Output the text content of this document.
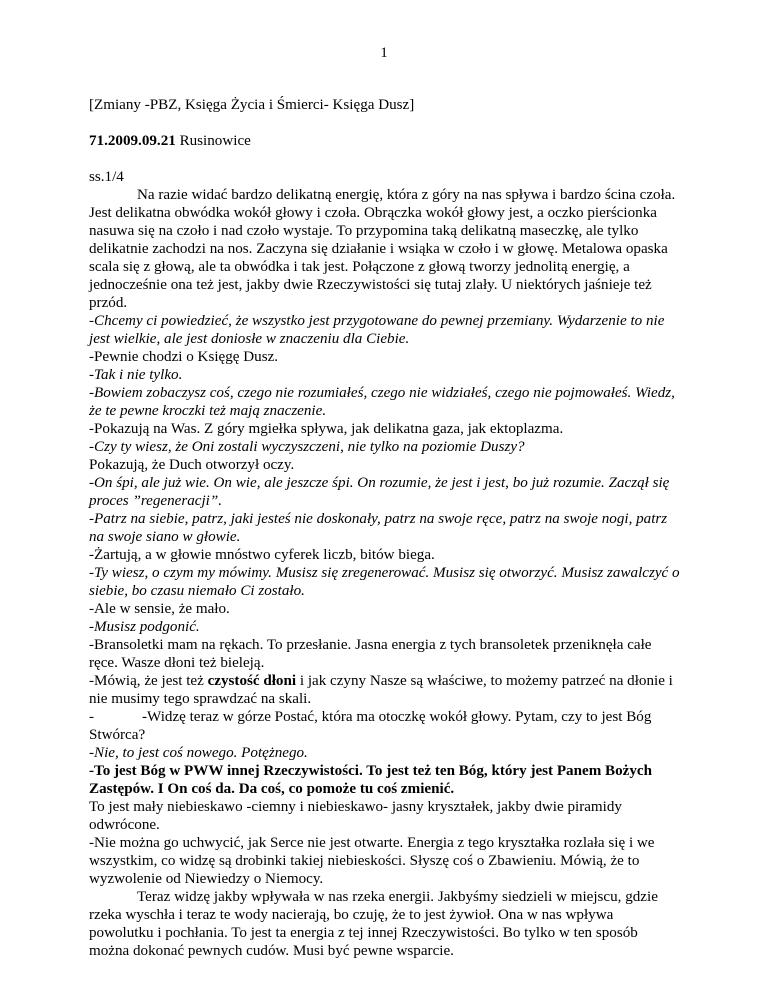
1

[Zmiany -PBZ, Księga Życia i Śmierci- Księga Dusz]

71.2009.09.21 Rusinowice

ss.1/4

Na razie widać bardzo delikatną energię, która z góry na nas spływa i bardzo ścina czoła. Jest delikatna obwódka wokół głowy i czoła. Obrączka wokół głowy jest, a oczko pierścionka nasuwa się na czoło i nad czoło wystaje. To przypomina taką delikatną maseczkę, ale tylko delikatnie zachodzi na nos. Zaczyna się działanie i wsiąka w czoło i w głowę. Metalowa opaska scala się z głową, ale ta obwódka i tak jest. Połączone z głową tworzy jednolitą energię, a jednocześnie ona też jest, jakby dwie Rzeczywistości się tutaj zlały. U niektórych jaśnieje też przód.

-Chcemy ci powiedzieć, że wszystko jest przygotowane do pewnej przemiany. Wydarzenie to nie jest wielkie, ale jest doniosłe w znaczeniu dla Ciebie.

-Pewnie chodzi o Księgę Dusz.

-Tak i nie tylko.

-Bowiem zobaczysz coś, czego nie rozumiałeś, czego nie widziałeś, czego nie pojmowałeś. Wiedz, że te pewne kroczki też mają znaczenie.

-Pokazują na Was. Z góry mgiełka spływa, jak delikatna gaza, jak ektoplazma.

-Czy ty wiesz, że Oni zostali wyczyszczeni, nie tylko na poziomie Duszy?

Pokazują, że Duch otworzył oczy.

-On śpi, ale już wie. On wie, ale jeszcze śpi. On rozumie, że jest i jest, bo już rozumie. Zaczął się proces ”regeneracji”.

-Patrz na siebie, patrz, jaki jesteś nie doskonały, patrz na swoje ręce, patrz na swoje nogi, patrz na swoje siano w głowie.

-Żartują, a w głowie mnóstwo cyferek liczb, bitów biega.

-Ty wiesz, o czym my mówimy. Musisz się zregenerować. Musisz się otworzyć. Musisz zawalczyć o siebie, bo czasu niemało Ci zostało.

-Ale w sensie, że mało.

-Musisz podgonić.

-Bransoletki mam na rękach. To przesłanie. Jasna energia z tych bransoletek przeniknęła całe ręce. Wasze dłoni też bieleją.

-Mówią, że jest też czystość dłoni i jak czyny Nasze są właściwe, to możemy patrzeć na dłonie i nie musimy tego sprawdzać na skali.

-	-Widzę teraz w górze Postać, która ma otoczkę wokół głowy. Pytam, czy to jest Bóg Stwórca?

-Nie, to jest coś nowego. Potężnego.

-To jest Bóg w PWW innej Rzeczywistości. To jest też ten Bóg, który jest Panem Bożych Zastępów. I On coś da. Da coś, co pomoże tu coś zmienić.

To jest mały niebieskawo -ciemny i niebieskawo- jasny kryształek, jakby dwie piramidy odwrócone.

-Nie można go uchwycić, jak Serce nie jest otwarte. Energia z tego kryształka rozlała się i we wszystkim, co widzę są drobinki takiej niebieskości. Słyszę coś o Zbawieniu. Mówią, że to wyzwolenie od Niewiedzy o Niemocy.

Teraz widzę jakby wpływała w nas rzeka energii. Jakbyśmy siedzieli w miejscu, gdzie rzeka wyschła i teraz te wody nacierają, bo czuję, że to jest żywioł. Ona w nas wpływa powolutku i pochłania. To jest ta energia z tej innej Rzeczywistości. Bo tylko w ten sposób można dokonać pewnych cudów. Musi być pewne wsparcie.
